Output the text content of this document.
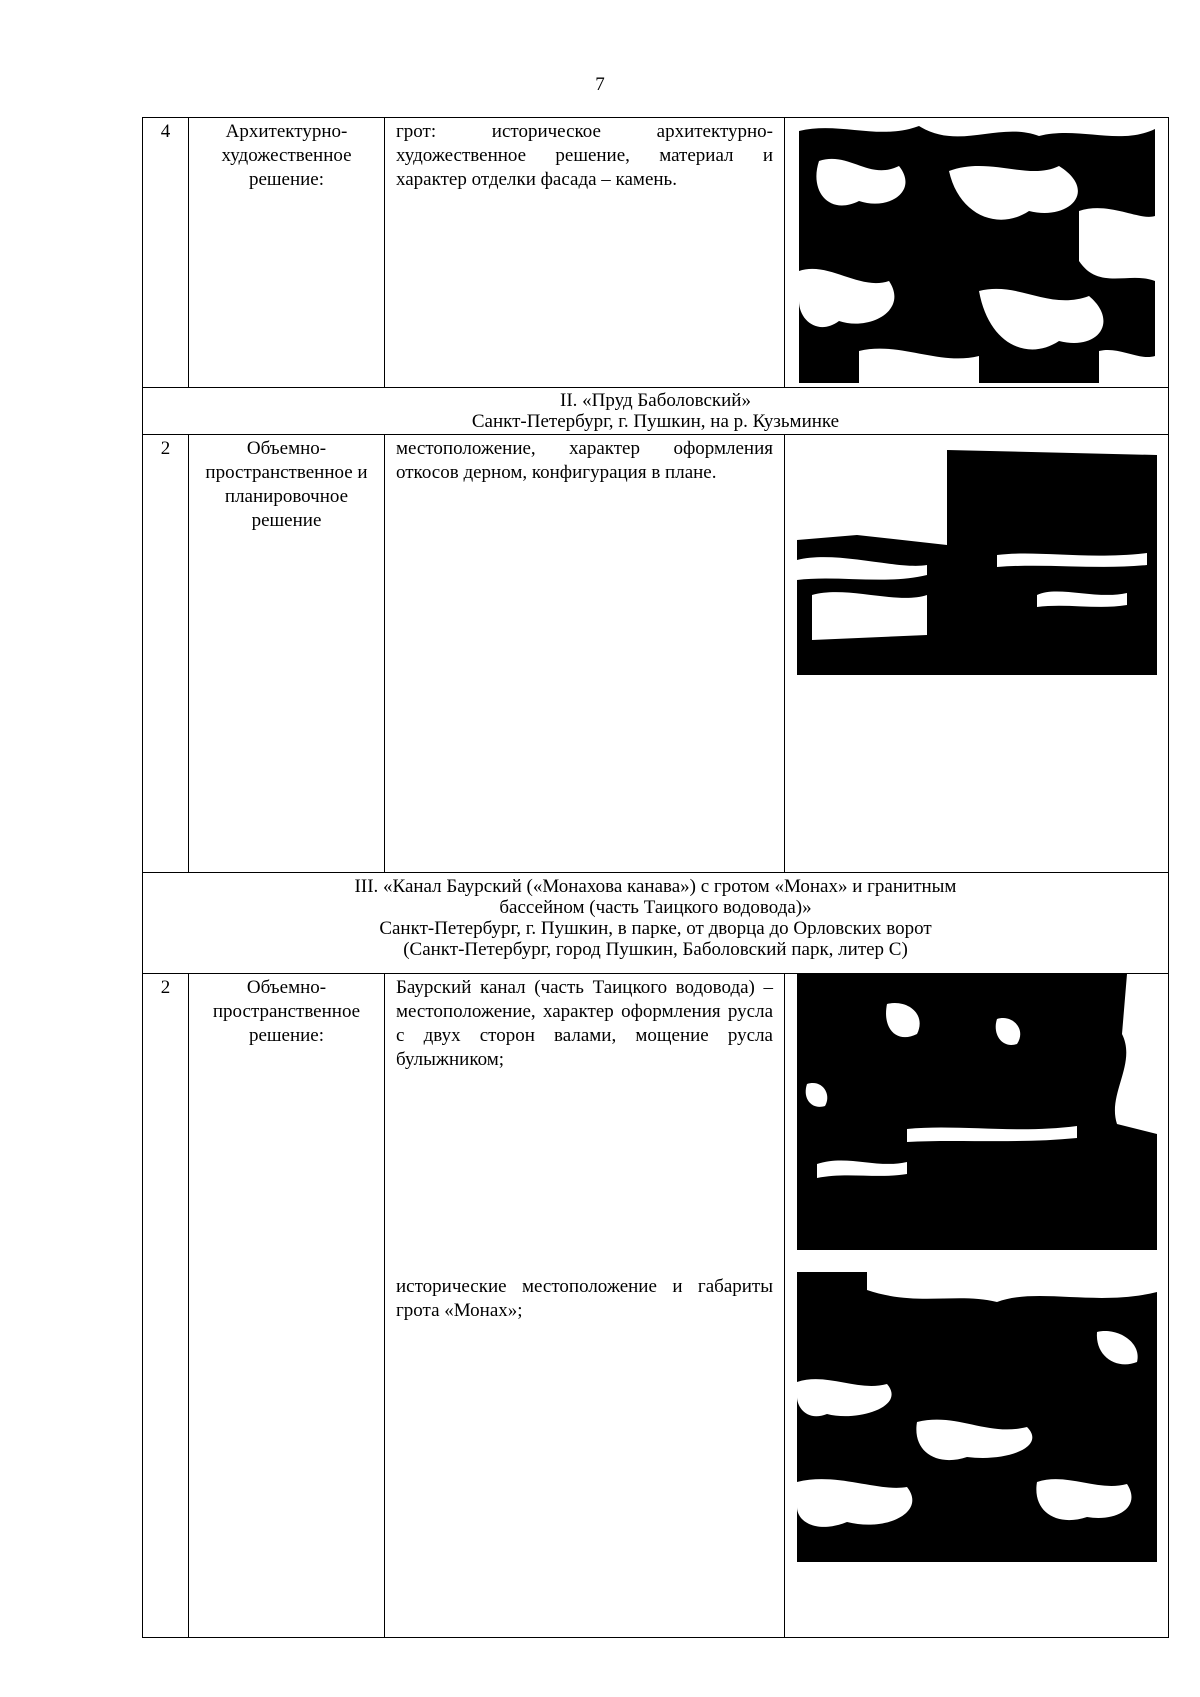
7
4	Архитектурно-художественное решение:	грот: историческое архитектурно-художественное решение, материал и характер отделки фасада – камень.

II. «Пруд Баболовский»
Санкт-Петербург, г. Пушкин, на р. Кузьминке			

2	Объемно-пространственное и планировочное решение	местоположение, характер оформления откосов дерном, конфигурация в плане.

III. «Канал Баурский («Монахова канава») с гротом «Монах» и гранитным
бассейном (часть Таицкого водовода)»
Санкт-Петербург, г. Пушкин, в парке, от дворца до Орловских ворот
(Санкт-Петербург, город Пушкин, Баболовский парк, литер С)			

2	Объемно-пространственное решение:	Баурский канал (часть Таицкого водовода) – местоположение, характер оформления русла с двух сторон валами, мощение русла булыжником;
исторические местоположение и габариты грота «Монах»;
